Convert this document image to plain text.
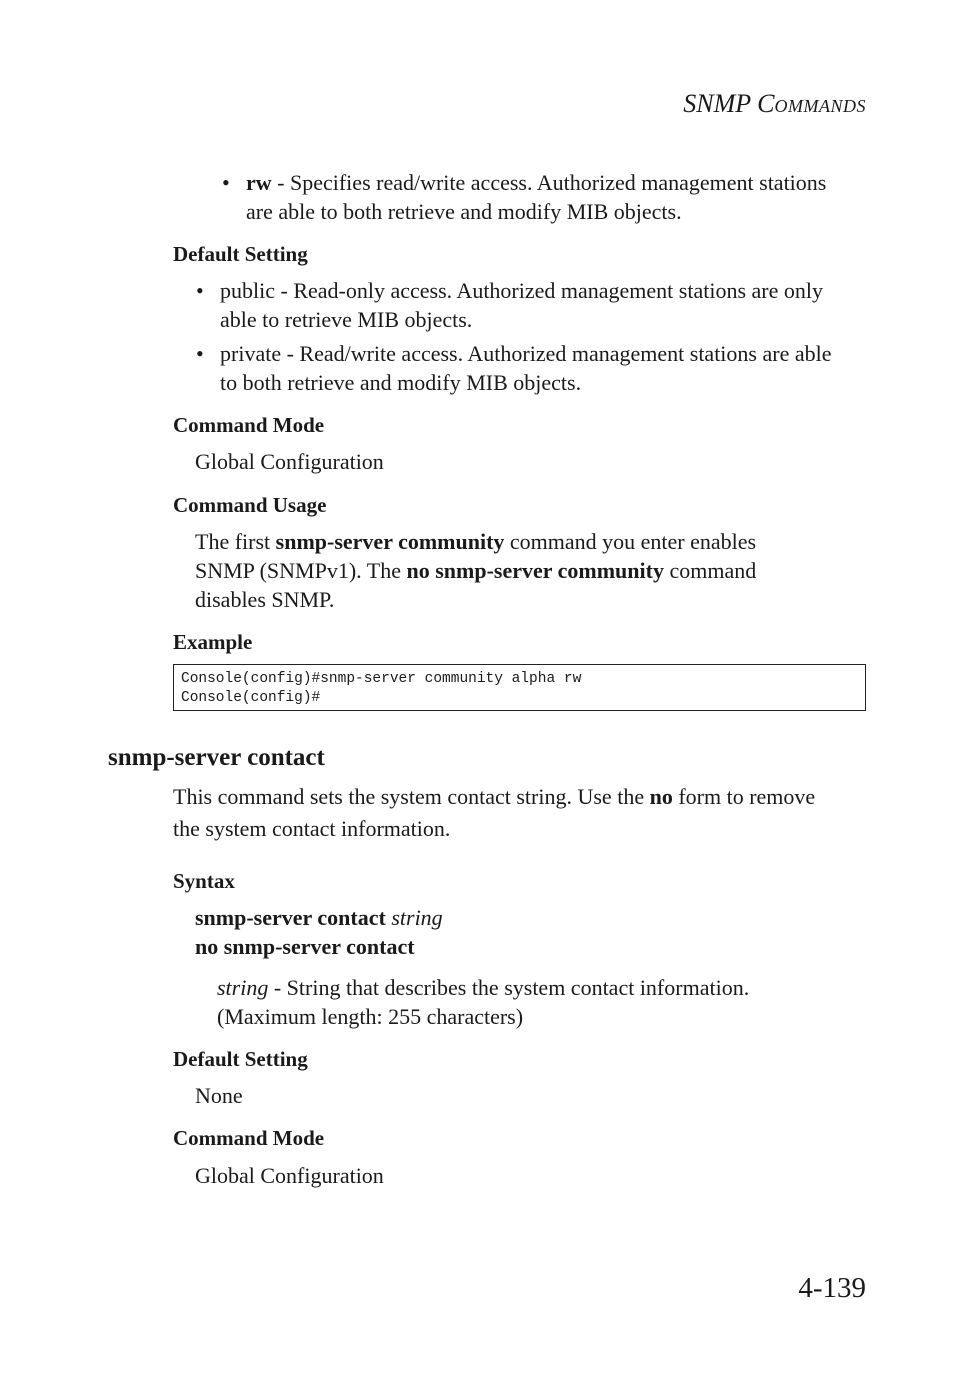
SNMP COMMANDS
• rw - Specifies read/write access. Authorized management stations
are able to both retrieve and modify MIB objects.
Default Setting
• public - Read-only access. Authorized management stations are only
able to retrieve MIB objects.
• private - Read/write access. Authorized management stations are able
to both retrieve and modify MIB objects.
Command Mode
Global Configuration
Command Usage
The first snmp-server community command you enter enables
SNMP (SNMPv1). The no snmp-server community command
disables SNMP.
Example
Console(config)#snmp-server community alpha rw
Console(config)#
snmp-server contact
This command sets the system contact string. Use the no form to remove
the system contact information.
Syntax
snmp-server contact string
no snmp-server contact
string - String that describes the system contact information.
(Maximum length: 255 characters)
Default Setting
None
Command Mode
Global Configuration
4-139
